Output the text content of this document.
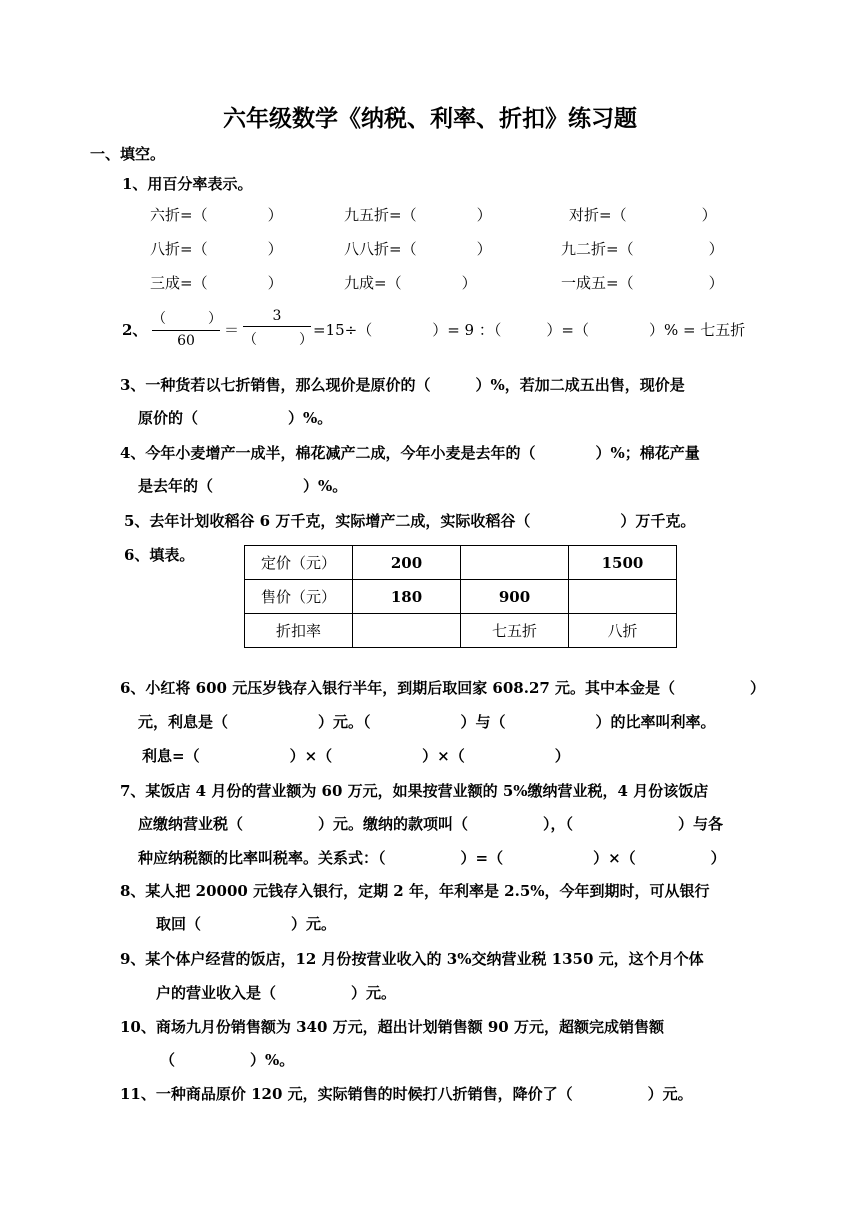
六年级数学《纳税、利率、折扣》练习题
一、填空。
1、用百分率表示。
六折=（　　　　）	九五折=（　　　　）	对折=（　　　　　）
八折=（　　　　）	八八折=（　　　　）	九二折=（　　　　　）
三成=（　　　　）	九成=（　　　　）	一成五=（　　　　　）
2、
（　　　）
60
＝
3
（　　　）
=15÷（　　　　）= 9 ：（　　　）=（　　　　）% = 七五折
3、一种货若以七折销售，那么现价是原价的（　　　）%，若加二成五出售，现价是
原价的（　　　　　　）%。
4、今年小麦增产一成半，棉花减产二成，今年小麦是去年的（　　　　）%；棉花产量
是去年的（　　　　　　）%。
5、去年计划收稻谷 6 万千克，实际增产二成，实际收稻谷（　　　　　　）万千克。
6、填表。	定价（元）	200		1500
售价（元）	180	900	
折扣率		七五折	八折
6、小红将 600 元压岁钱存入银行半年，到期后取回家 608.27 元。其中本金是（　　　　　）
元，利息是（　　　　　　）元。（　　　　　　）与（　　　　　　）的比率叫利率。
利息=（　　　　　　）×（　　　　　　）×（　　　　　　）
7、某饭店 4 月份的营业额为 60 万元，如果按营业额的 5%缴纳营业税，4 月份该饭店
应缴纳营业税（　　　　　）元。缴纳的款项叫（　　　　　），（　　　　　　　）与各
种应纳税额的比率叫税率。关系式：（　　　　　）=（　　　　　　）×（　　　　　）
8、某人把 20000 元钱存入银行，定期 2 年，年利率是 2.5%，今年到期时，可从银行
取回（　　　　　　）元。
9、某个体户经营的饭店，12 月份按营业收入的 3%交纳营业税 1350 元，这个月个体
户的营业收入是（　　　　　）元。
10、商场九月份销售额为 340 万元，超出计划销售额 90 万元，超额完成销售额
（　　　　　）%。
11、一种商品原价 120 元，实际销售的时候打八折销售，降价了（　　　　　）元。
